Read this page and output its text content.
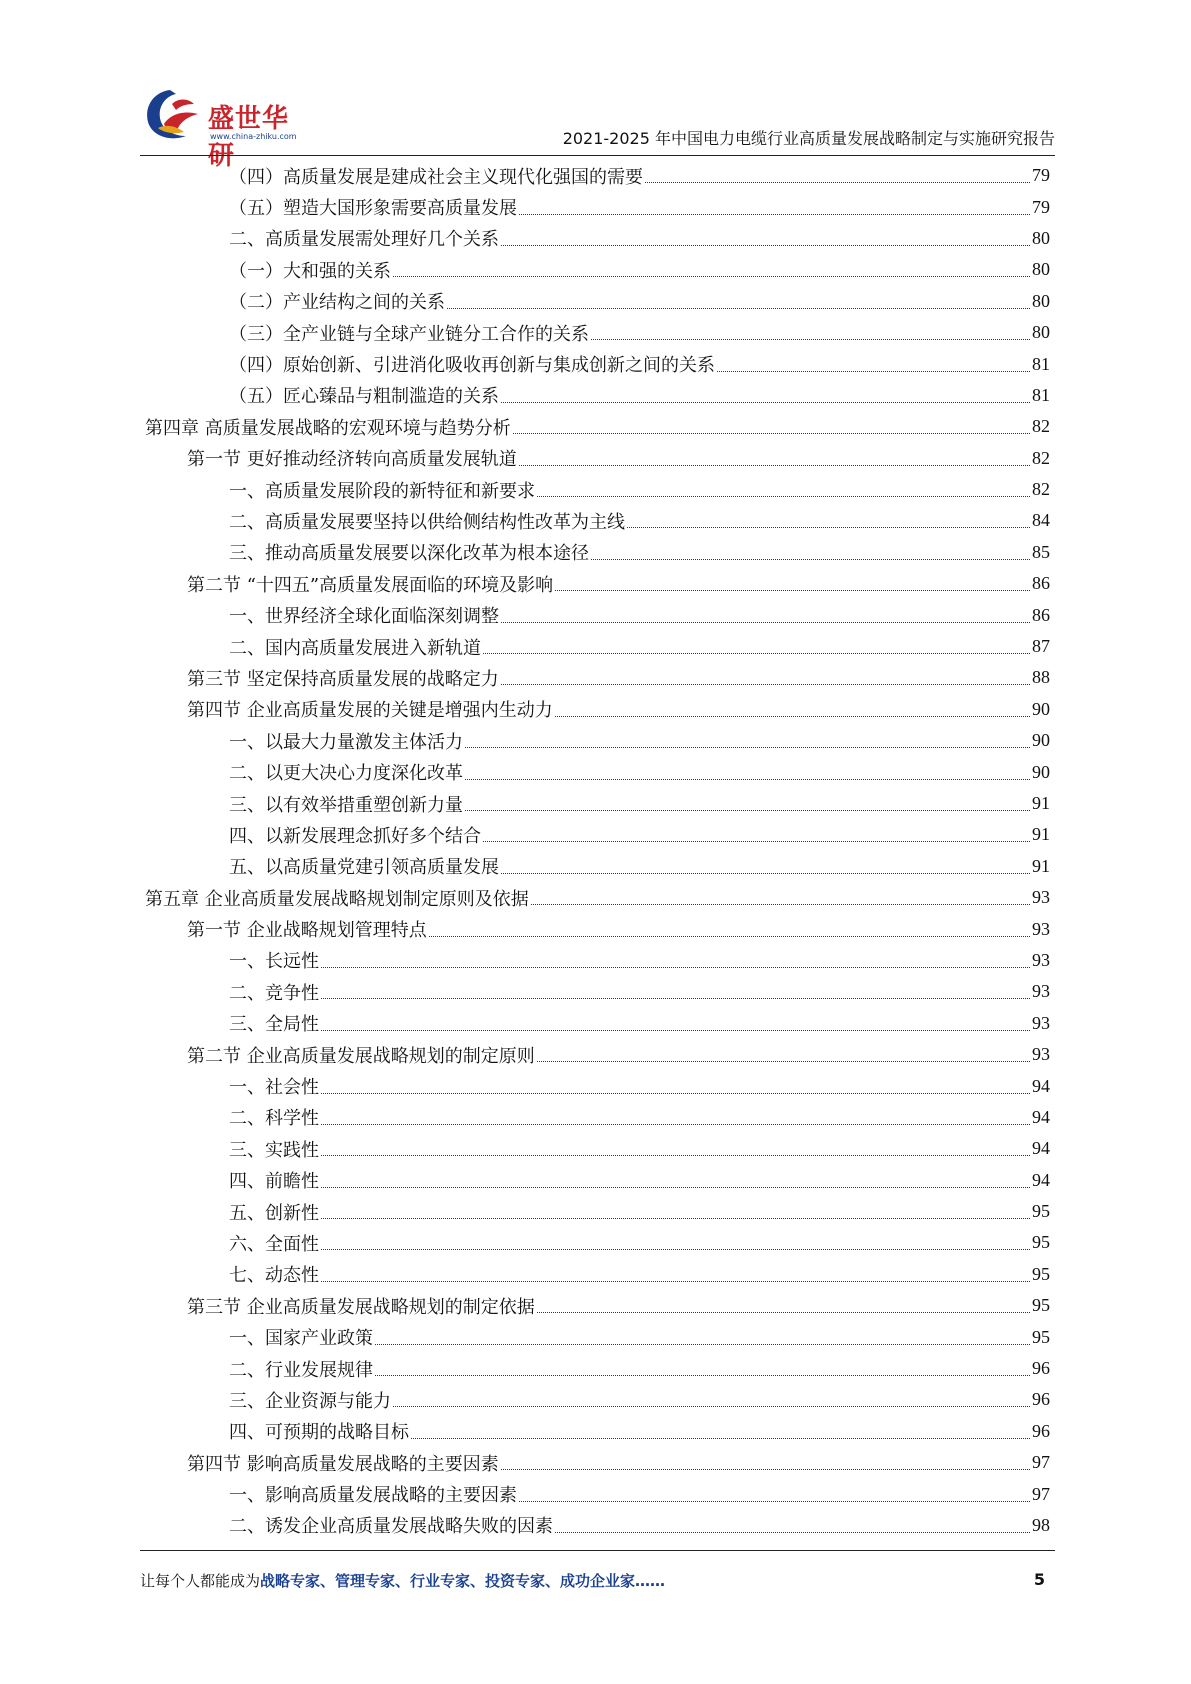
盛世华研
www.china-zhiku.com	2021-2025 年中国电力电缆行业高质量发展战略制定与实施研究报告
（四）高质量发展是建成社会主义现代化强国的需要	79
（五）塑造大国形象需要高质量发展	79
二、高质量发展需处理好几个关系	80
（一）大和强的关系	80
（二）产业结构之间的关系	80
（三）全产业链与全球产业链分工合作的关系	80
（四）原始创新、引进消化吸收再创新与集成创新之间的关系	81
（五）匠心臻品与粗制滥造的关系	81
第四章 高质量发展战略的宏观环境与趋势分析	82
第一节 更好推动经济转向高质量发展轨道	82
一、高质量发展阶段的新特征和新要求	82
二、高质量发展要坚持以供给侧结构性改革为主线	84
三、推动高质量发展要以深化改革为根本途径	85
第二节 “十四五”高质量发展面临的环境及影响	86
一、世界经济全球化面临深刻调整	86
二、国内高质量发展进入新轨道	87
第三节 坚定保持高质量发展的战略定力	88
第四节 企业高质量发展的关键是增强内生动力	90
一、以最大力量激发主体活力	90
二、以更大决心力度深化改革	90
三、以有效举措重塑创新力量	91
四、以新发展理念抓好多个结合	91
五、以高质量党建引领高质量发展	91
第五章 企业高质量发展战略规划制定原则及依据	93
第一节 企业战略规划管理特点	93
一、长远性	93
二、竞争性	93
三、全局性	93
第二节 企业高质量发展战略规划的制定原则	93
一、社会性	94
二、科学性	94
三、实践性	94
四、前瞻性	94
五、创新性	95
六、全面性	95
七、动态性	95
第三节 企业高质量发展战略规划的制定依据	95
一、国家产业政策	95
二、行业发展规律	96
三、企业资源与能力	96
四、可预期的战略目标	96
第四节 影响高质量发展战略的主要因素	97
一、影响高质量发展战略的主要因素	97
二、诱发企业高质量发展战略失败的因素	98
让每个人都能成为战略专家、管理专家、行业专家、投资专家、成功企业家……	5
